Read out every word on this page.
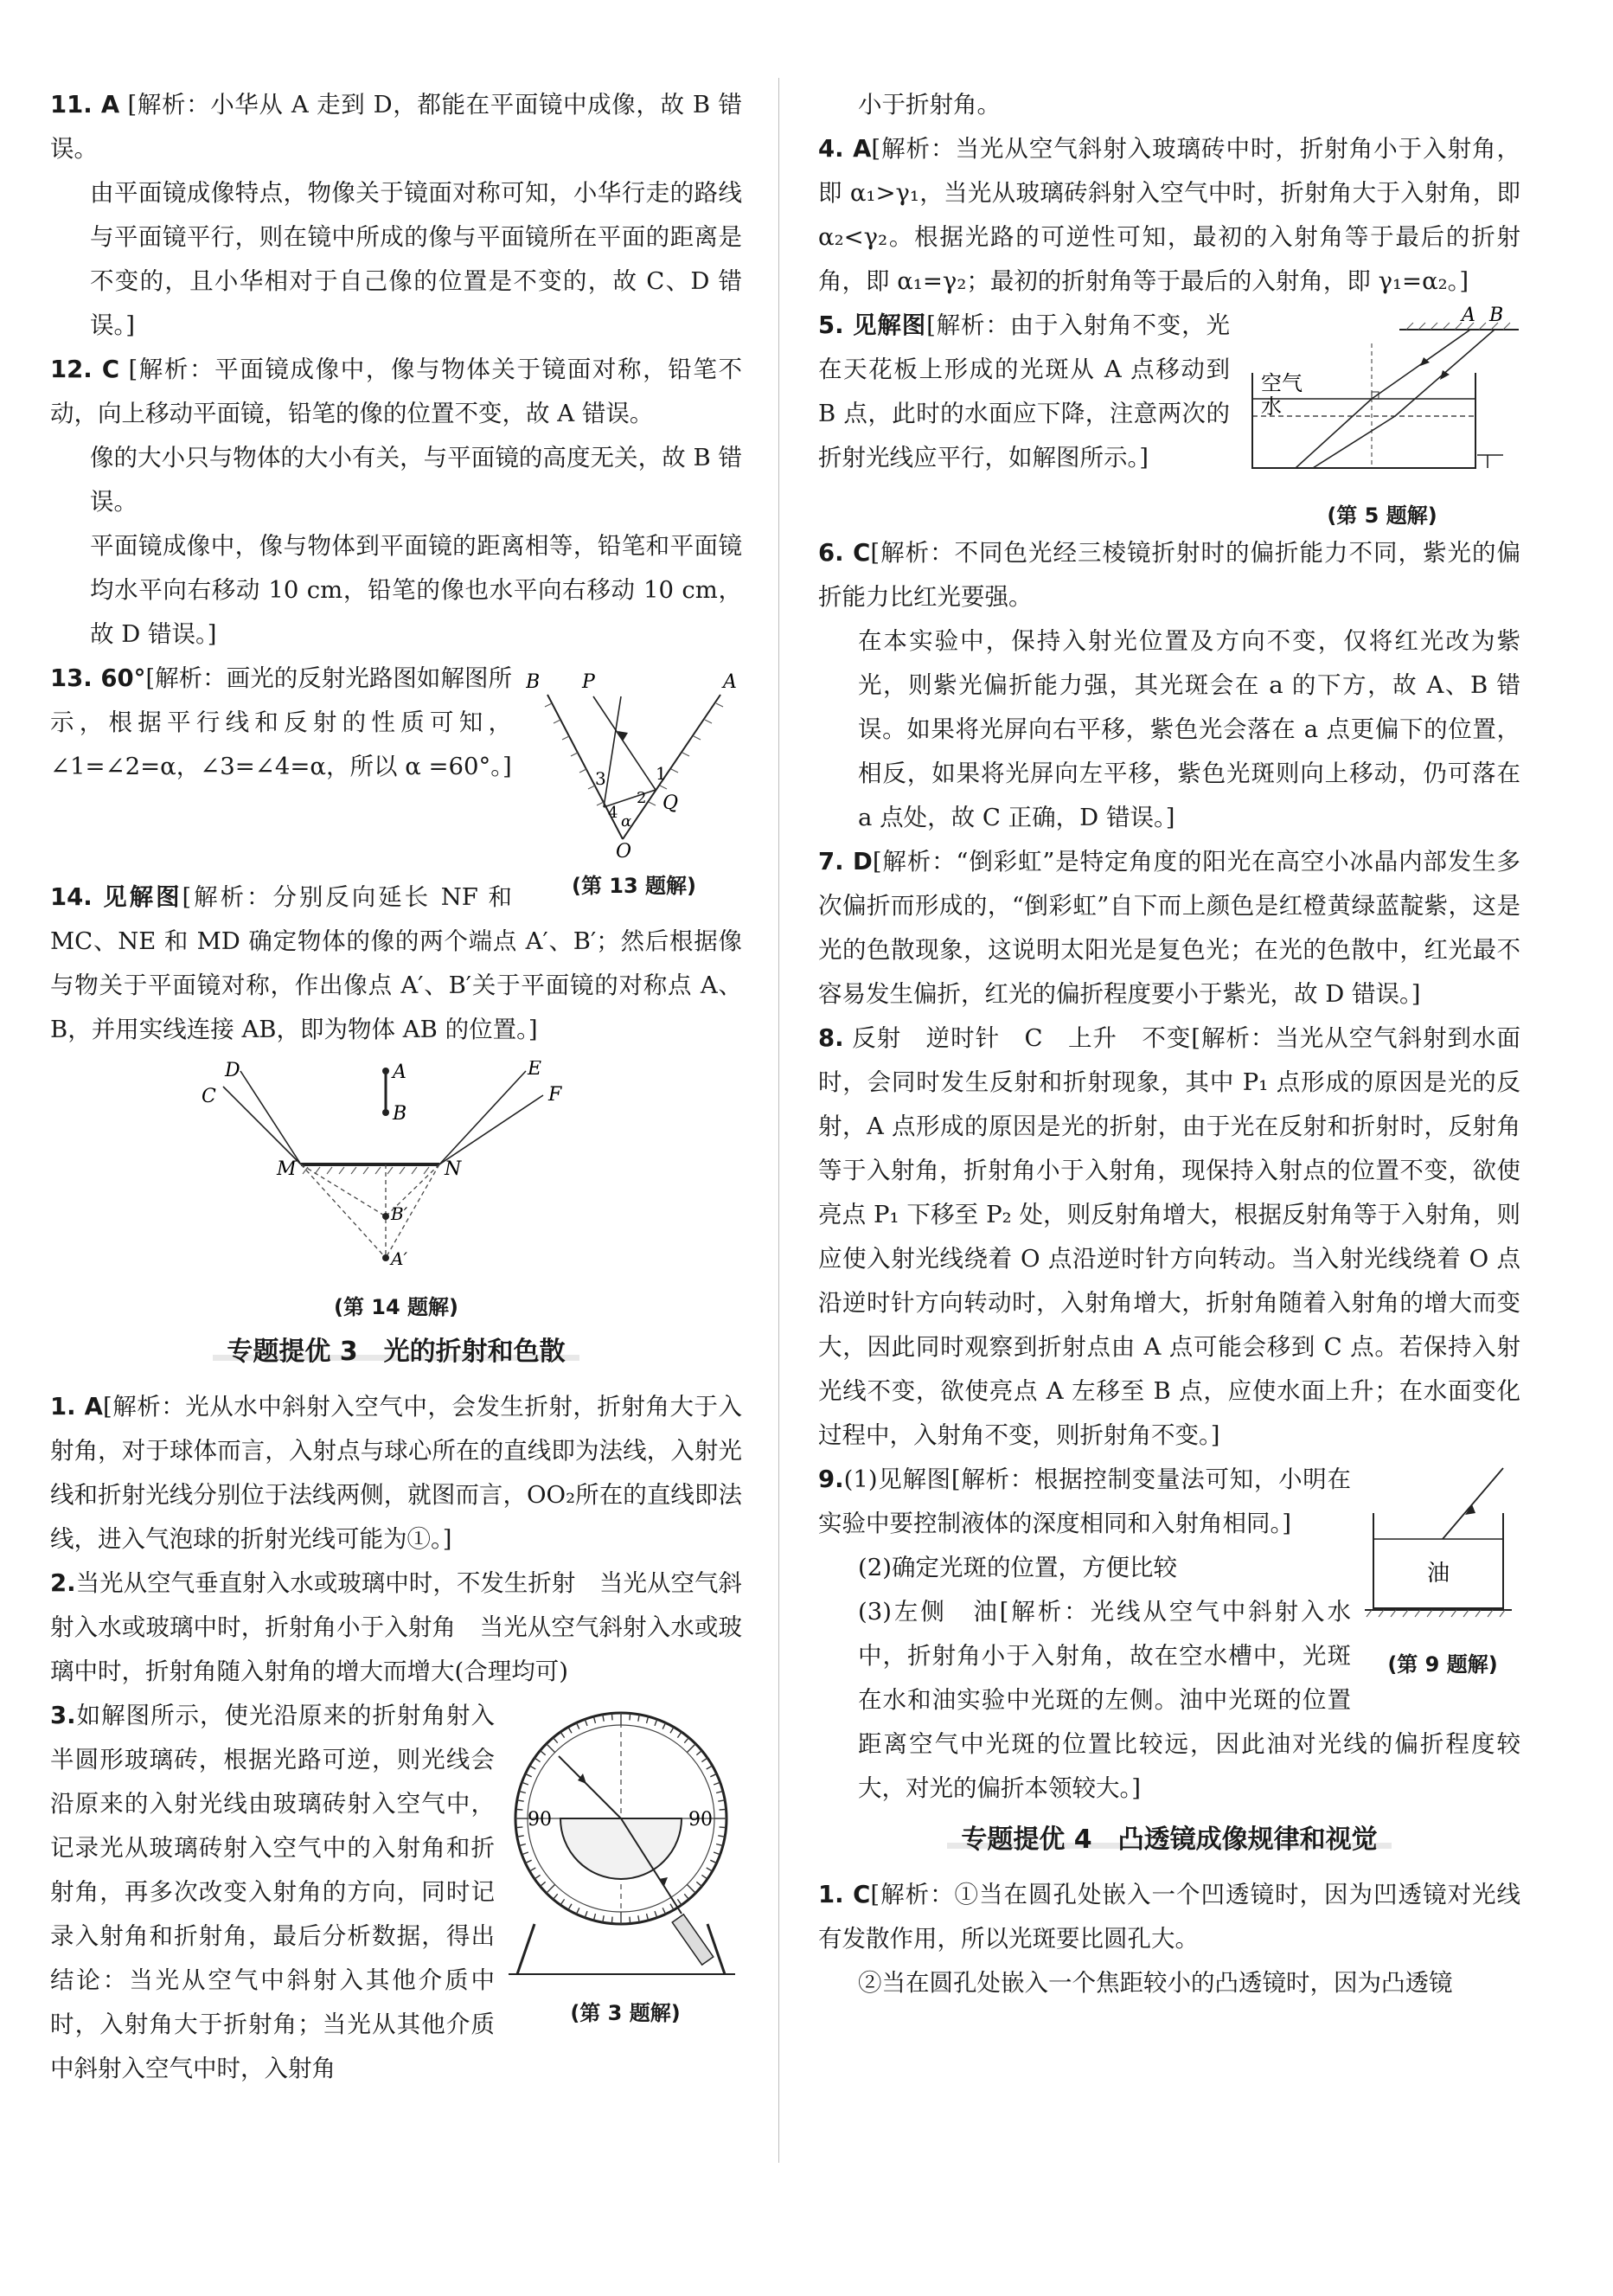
11. A [解析：小华从 A 走到 D，都能在平面镜中成像，故 B 错误。

由平面镜成像特点，物像关于镜面对称可知，小华行走的路线与平面镜平行，则在镜中所成的像与平面镜所在平面的距离是不变的，且小华相对于自己像的位置是不变的，故 C、D 错误。]

12. C [解析：平面镜成像中，像与物体关于镜面对称，铅笔不动，向上移动平面镜，铅笔的像的位置不变，故 A 错误。

像的大小只与物体的大小有关，与平面镜的高度无关，故 B 错误。

平面镜成像中，像与物体到平面镜的距离相等，铅笔和平面镜均水平向右移动 10 cm，铅笔的像也水平向右移动 10 cm，故 D 错误。]

P	A
B
3	1
4
2
α
Q
O

13. 60°[解析：画光的反射光路图如解图所示，根据平行线和反射的性质可知，∠1=∠2=α，∠3=∠4=α，所以 α =60°。]

(第 13 题解)

14. 见解图[解析：分别反向延长 NF 和 MC、NE 和 MD 确定物体的像的两个端点 A′、B′；然后根据像与物关于平面镜对称，作出像点 A′、B′关于平面镜的对称点 A、B，并用实线连接 AB，即为物体 AB 的位置。]

D
C
A
B
E
F
M	N
B′
A′
(第 14 题解)
专题提优 3　光的折射和色散

1. A[解析：光从水中斜射入空气中，会发生折射，折射角大于入射角，对于球体而言，入射点与球心所在的直线即为法线，入射光线和折射光线分别位于法线两侧，就图而言，OO₂所在的直线即法线，进入气泡球的折射光线可能为①。]

2.当光从空气垂直射入水或玻璃中时，不发生折射　当光从空气斜射入水或玻璃中时，折射角小于入射角　当光从空气斜射入水或玻璃中时，折射角随入射角的增大而增大(合理均可)

90	90
(第 3 题解)

3.如解图所示，使光沿原来的折射角射入半圆形玻璃砖，根据光路可逆，则光线会沿原来的入射光线由玻璃砖射入空气中，记录光从玻璃砖射入空气中的入射角和折射角，再多次改变入射角的方向，同时记录入射角和折射角，最后分析数据，得出结论：当光从空气中斜射入其他介质中时，入射角大于折射角；当光从其他介质中斜射入空气中时，入射角

小于折射角。

4. A[解析：当光从空气斜射入玻璃砖中时，折射角小于入射角，即 α₁>γ₁，当光从玻璃砖斜射入空气中时，折射角大于入射角，即 α₂<γ₂。根据光路的可逆性可知，最初的入射角等于最后的折射角，即 α₁=γ₂；最初的折射角等于最后的入射角，即 γ₁=α₂。]

A B
空气
水
(第 5 题解)

5. 见解图[解析：由于入射角不变，光在天花板上形成的光斑从 A 点移动到 B 点，此时的水面应下降，注意两次的折射光线应平行，如解图所示。]

6. C[解析：不同色光经三棱镜折射时的偏折能力不同，紫光的偏折能力比红光要强。

在本实验中，保持入射光位置及方向不变，仅将红光改为紫光，则紫光偏折能力强，其光斑会在 a 的下方，故 A、B 错误。如果将光屏向右平移，紫色光会落在 a 点更偏下的位置，相反，如果将光屏向左平移，紫色光斑则向上移动，仍可落在 a 点处，故 C 正确，D 错误。]

7. D[解析：“倒彩虹”是特定角度的阳光在高空小冰晶内部发生多次偏折而形成的，“倒彩虹”自下而上颜色是红橙黄绿蓝靛紫，这是光的色散现象，这说明太阳光是复色光；在光的色散中，红光最不容易发生偏折，红光的偏折程度要小于紫光，故 D 错误。]

8. 反射　逆时针　C　上升　不变[解析：当光从空气斜射到水面时，会同时发生反射和折射现象，其中 P₁ 点形成的原因是光的反射，A 点形成的原因是光的折射，由于光在反射和折射时，反射角等于入射角，折射角小于入射角，现保持入射点的位置不变，欲使亮点 P₁ 下移至 P₂ 处，则反射角增大，根据反射角等于入射角，则应使入射光线绕着 O 点沿逆时针方向转动。当入射光线绕着 O 点沿逆时针方向转动时，入射角增大，折射角随着入射角的增大而变大，因此同时观察到折射点由 A 点可能会移到 C 点。若保持入射光线不变，欲使亮点 A 左移至 B 点，应使水面上升；在水面变化过程中，入射角不变，则折射角不变。]

油
(第 9 题解)

9.(1)见解图[解析：根据控制变量法可知，小明在实验中要控制液体的深度相同和入射角相同。]

(2)确定光斑的位置，方便比较

(3)左侧　油[解析：光线从空气中斜射入水中，折射角小于入射角，故在空水槽中，光斑在水和油实验中光斑的左侧。油中光斑的位置距离空气中光斑的位置比较远，因此油对光线的偏折程度较大，对光的偏折本领较大。]

专题提优 4　凸透镜成像规律和视觉

1. C[解析：①当在圆孔处嵌入一个凹透镜时，因为凹透镜对光线有发散作用，所以光斑要比圆孔大。

②当在圆孔处嵌入一个焦距较小的凸透镜时，因为凸透镜
